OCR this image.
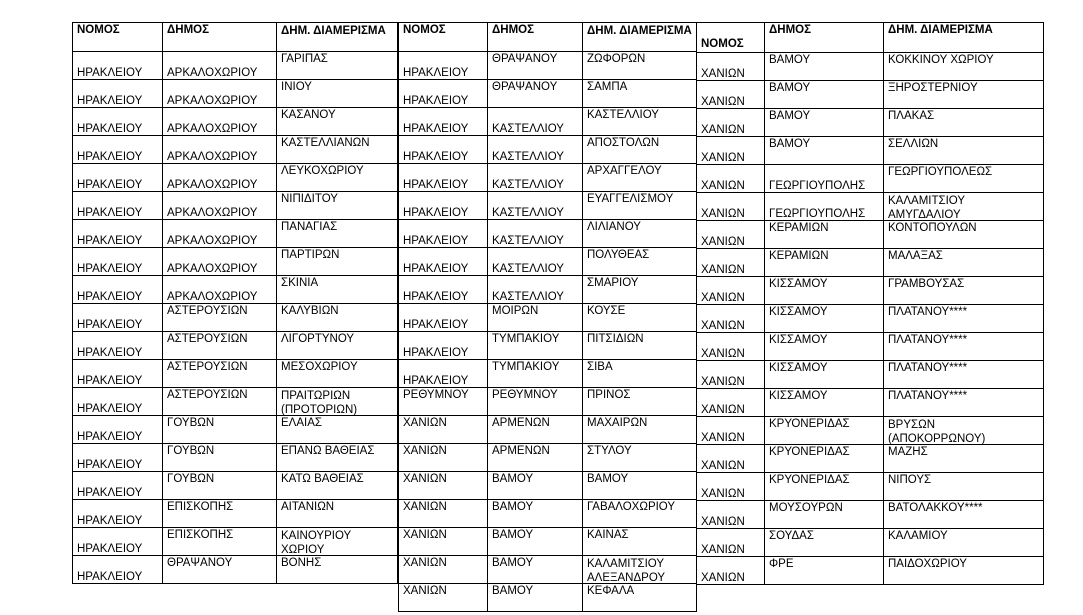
ΝΟΜΟΣ	ΔΗΜΟΣ	ΔΗΜ. ΔΙΑΜΕΡΙΣΜΑ

ΗΡΑΚΛΕΙΟΥ	ΑΡΚΑΛΟΧΩΡΙΟΥ	ΓΑΡΙΠΑΣ

ΗΡΑΚΛΕΙΟΥ	ΑΡΚΑΛΟΧΩΡΙΟΥ	ΙΝΙΟΥ

ΗΡΑΚΛΕΙΟΥ	ΑΡΚΑΛΟΧΩΡΙΟΥ	ΚΑΣΑΝΟΥ

ΗΡΑΚΛΕΙΟΥ	ΑΡΚΑΛΟΧΩΡΙΟΥ	ΚΑΣΤΕΛΛΙΑΝΩΝ

ΗΡΑΚΛΕΙΟΥ	ΑΡΚΑΛΟΧΩΡΙΟΥ	ΛΕΥΚΟΧΩΡΙΟΥ

ΗΡΑΚΛΕΙΟΥ	ΑΡΚΑΛΟΧΩΡΙΟΥ	ΝΙΠΙΔΙΤΟΥ

ΗΡΑΚΛΕΙΟΥ	ΑΡΚΑΛΟΧΩΡΙΟΥ	ΠΑΝΑΓΙΑΣ

ΗΡΑΚΛΕΙΟΥ	ΑΡΚΑΛΟΧΩΡΙΟΥ	ΠΑΡΤΙΡΩΝ

ΗΡΑΚΛΕΙΟΥ	ΑΡΚΑΛΟΧΩΡΙΟΥ	ΣΚΙΝΙΑ

ΗΡΑΚΛΕΙΟΥ	ΑΣΤΕΡΟΥΣΙΩΝ	ΚΑΛΥΒΙΩΝ

ΗΡΑΚΛΕΙΟΥ	ΑΣΤΕΡΟΥΣΙΩΝ	ΛΙΓΟΡΤΥΝΟΥ

ΗΡΑΚΛΕΙΟΥ	ΑΣΤΕΡΟΥΣΙΩΝ	ΜΕΣΟΧΩΡΙΟΥ

ΗΡΑΚΛΕΙΟΥ	ΑΣΤΕΡΟΥΣΙΩΝ	ΠΡΑΙΤΩΡΙΩΝ (ΠΡΟΤΟΡΙΩΝ)

ΗΡΑΚΛΕΙΟΥ	ΓΟΥΒΩΝ	ΕΛΑΙΑΣ

ΗΡΑΚΛΕΙΟΥ	ΓΟΥΒΩΝ	ΕΠΑΝΩ ΒΑΘΕΙΑΣ

ΗΡΑΚΛΕΙΟΥ	ΓΟΥΒΩΝ	ΚΑΤΩ ΒΑΘΕΙΑΣ

ΗΡΑΚΛΕΙΟΥ	ΕΠΙΣΚΟΠΗΣ	ΑΙΤΑΝΙΩΝ

ΗΡΑΚΛΕΙΟΥ	ΕΠΙΣΚΟΠΗΣ	ΚΑΙΝΟΥΡΙΟΥ ΧΩΡΙΟΥ

ΗΡΑΚΛΕΙΟΥ	ΘΡΑΨΑΝΟΥ	ΒΟΝΗΣ
ΝΟΜΟΣ	ΔΗΜΟΣ	ΔΗΜ. ΔΙΑΜΕΡΙΣΜΑ

ΗΡΑΚΛΕΙΟΥ	ΘΡΑΨΑΝΟΥ	ΖΩΦΟΡΩΝ

ΗΡΑΚΛΕΙΟΥ	ΘΡΑΨΑΝΟΥ	ΣΑΜΠΑ

ΗΡΑΚΛΕΙΟΥ	ΚΑΣΤΕΛΛΙΟΥ	ΚΑΣΤΕΛΛΙΟΥ

ΗΡΑΚΛΕΙΟΥ	ΚΑΣΤΕΛΛΙΟΥ	ΑΠΟΣΤΟΛΩΝ

ΗΡΑΚΛΕΙΟΥ	ΚΑΣΤΕΛΛΙΟΥ	ΑΡΧΑΓΓΕΛΟΥ

ΗΡΑΚΛΕΙΟΥ	ΚΑΣΤΕΛΛΙΟΥ	ΕΥΑΓΓΕΛΙΣΜΟΥ

ΗΡΑΚΛΕΙΟΥ	ΚΑΣΤΕΛΛΙΟΥ	ΛΙΛΙΑΝΟΥ

ΗΡΑΚΛΕΙΟΥ	ΚΑΣΤΕΛΛΙΟΥ	ΠΟΛΥΘΕΑΣ

ΗΡΑΚΛΕΙΟΥ	ΚΑΣΤΕΛΛΙΟΥ	ΣΜΑΡΙΟΥ

ΗΡΑΚΛΕΙΟΥ	ΜΟΙΡΩΝ	ΚΟΥΣΕ

ΗΡΑΚΛΕΙΟΥ	ΤΥΜΠΑΚΙΟΥ	ΠΙΤΣΙΔΙΩΝ

ΗΡΑΚΛΕΙΟΥ	ΤΥΜΠΑΚΙΟΥ	ΣΙΒΑ

ΡΕΘΥΜΝΟΥ	ΡΕΘΥΜΝΟΥ	ΠΡΙΝΟΣ

ΧΑΝΙΩΝ	ΑΡΜΕΝΩΝ	ΜΑΧΑΙΡΩΝ

ΧΑΝΙΩΝ	ΑΡΜΕΝΩΝ	ΣΤΥΛΟΥ

ΧΑΝΙΩΝ	ΒΑΜΟΥ	ΒΑΜΟΥ

ΧΑΝΙΩΝ	ΒΑΜΟΥ	ΓΑΒΑΛΟΧΩΡΙΟΥ

ΧΑΝΙΩΝ	ΒΑΜΟΥ	ΚΑΙΝΑΣ

ΧΑΝΙΩΝ	ΒΑΜΟΥ	ΚΑΛΑΜΙΤΣΙΟΥ ΑΛΕΞΑΝΔΡΟΥ

ΧΑΝΙΩΝ	ΒΑΜΟΥ	ΚΕΦΑΛΑ
ΝΟΜΟΣ	ΔΗΜΟΣ	ΔΗΜ. ΔΙΑΜΕΡΙΣΜΑ

ΧΑΝΙΩΝ	ΒΑΜΟΥ	ΚΟΚΚΙΝΟΥ ΧΩΡΙΟΥ

ΧΑΝΙΩΝ	ΒΑΜΟΥ	ΞΗΡΟΣΤΕΡΝΙΟΥ

ΧΑΝΙΩΝ	ΒΑΜΟΥ	ΠΛΑΚΑΣ

ΧΑΝΙΩΝ	ΒΑΜΟΥ	ΣΕΛΛΙΩΝ

ΧΑΝΙΩΝ	ΓΕΩΡΓΙΟΥΠΟΛΗΣ	ΓΕΩΡΓΙΟΥΠΟΛΕΩΣ

ΧΑΝΙΩΝ	ΓΕΩΡΓΙΟΥΠΟΛΗΣ	ΚΑΛΑΜΙΤΣΙΟΥ ΑΜΥΓΔΑΛΙΟΥ

ΧΑΝΙΩΝ	ΚΕΡΑΜΙΩΝ	ΚΟΝΤΟΠΟΥΛΩΝ

ΧΑΝΙΩΝ	ΚΕΡΑΜΙΩΝ	ΜΑΛΑΞΑΣ

ΧΑΝΙΩΝ	ΚΙΣΣΑΜΟΥ	ΓΡΑΜΒΟΥΣΑΣ

ΧΑΝΙΩΝ	ΚΙΣΣΑΜΟΥ	ΠΛΑΤΑΝΟΥ****

ΧΑΝΙΩΝ	ΚΙΣΣΑΜΟΥ	ΠΛΑΤΑΝΟΥ****

ΧΑΝΙΩΝ	ΚΙΣΣΑΜΟΥ	ΠΛΑΤΑΝΟΥ****

ΧΑΝΙΩΝ	ΚΙΣΣΑΜΟΥ	ΠΛΑΤΑΝΟΥ****

ΧΑΝΙΩΝ	ΚΡΥΟΝΕΡΙΔΑΣ	ΒΡΥΣΩΝ (ΑΠΟΚΟΡΡΩΝΟΥ)

ΧΑΝΙΩΝ	ΚΡΥΟΝΕΡΙΔΑΣ	ΜΑΖΗΣ

ΧΑΝΙΩΝ	ΚΡΥΟΝΕΡΙΔΑΣ	ΝΙΠΟΥΣ

ΧΑΝΙΩΝ	ΜΟΥΣΟΥΡΩΝ	ΒΑΤΟΛΑΚΚΟΥ****

ΧΑΝΙΩΝ	ΣΟΥΔΑΣ	ΚΑΛΑΜΙΟΥ

ΧΑΝΙΩΝ	ΦΡΕ	ΠΑΙΔΟΧΩΡΙΟΥ
